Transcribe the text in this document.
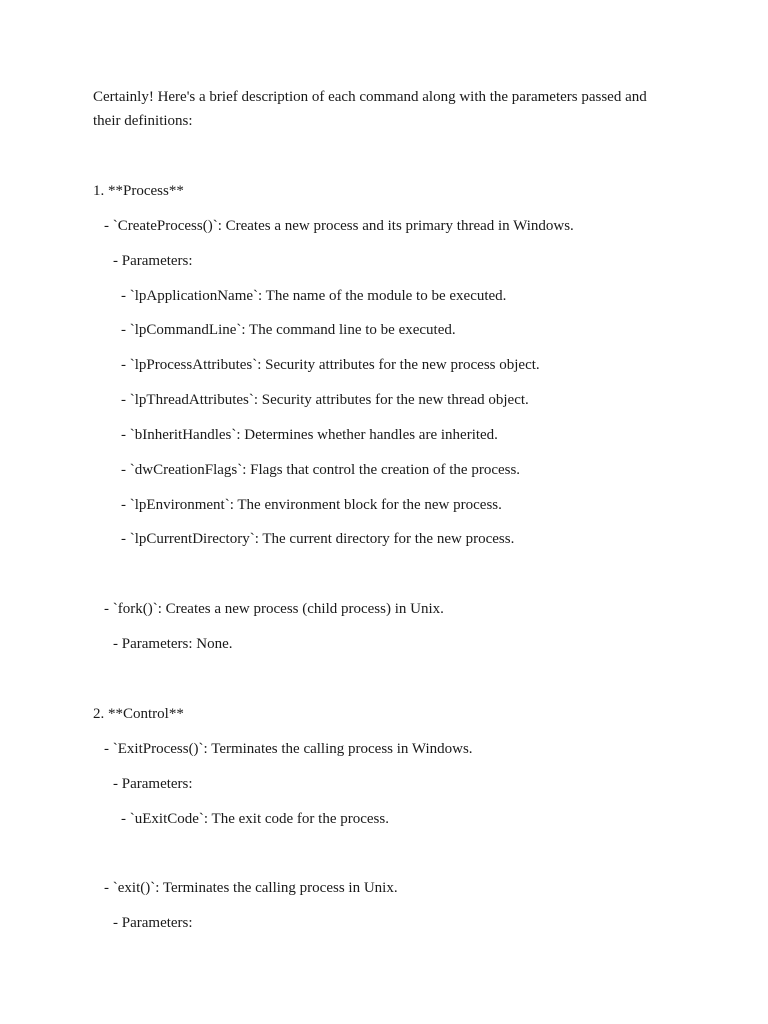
Certainly! Here's a brief description of each command along with the parameters passed and
their definitions:
1. **Process**
- `CreateProcess()`: Creates a new process and its primary thread in Windows.
- Parameters:
- `lpApplicationName`: The name of the module to be executed.
- `lpCommandLine`: The command line to be executed.
- `lpProcessAttributes`: Security attributes for the new process object.
- `lpThreadAttributes`: Security attributes for the new thread object.
- `bInheritHandles`: Determines whether handles are inherited.
- `dwCreationFlags`: Flags that control the creation of the process.
- `lpEnvironment`: The environment block for the new process.
- `lpCurrentDirectory`: The current directory for the new process.
- `fork()`: Creates a new process (child process) in Unix.
- Parameters: None.
2. **Control**
- `ExitProcess()`: Terminates the calling process in Windows.
- Parameters:
- `uExitCode`: The exit code for the process.
- `exit()`: Terminates the calling process in Unix.
- Parameters:
